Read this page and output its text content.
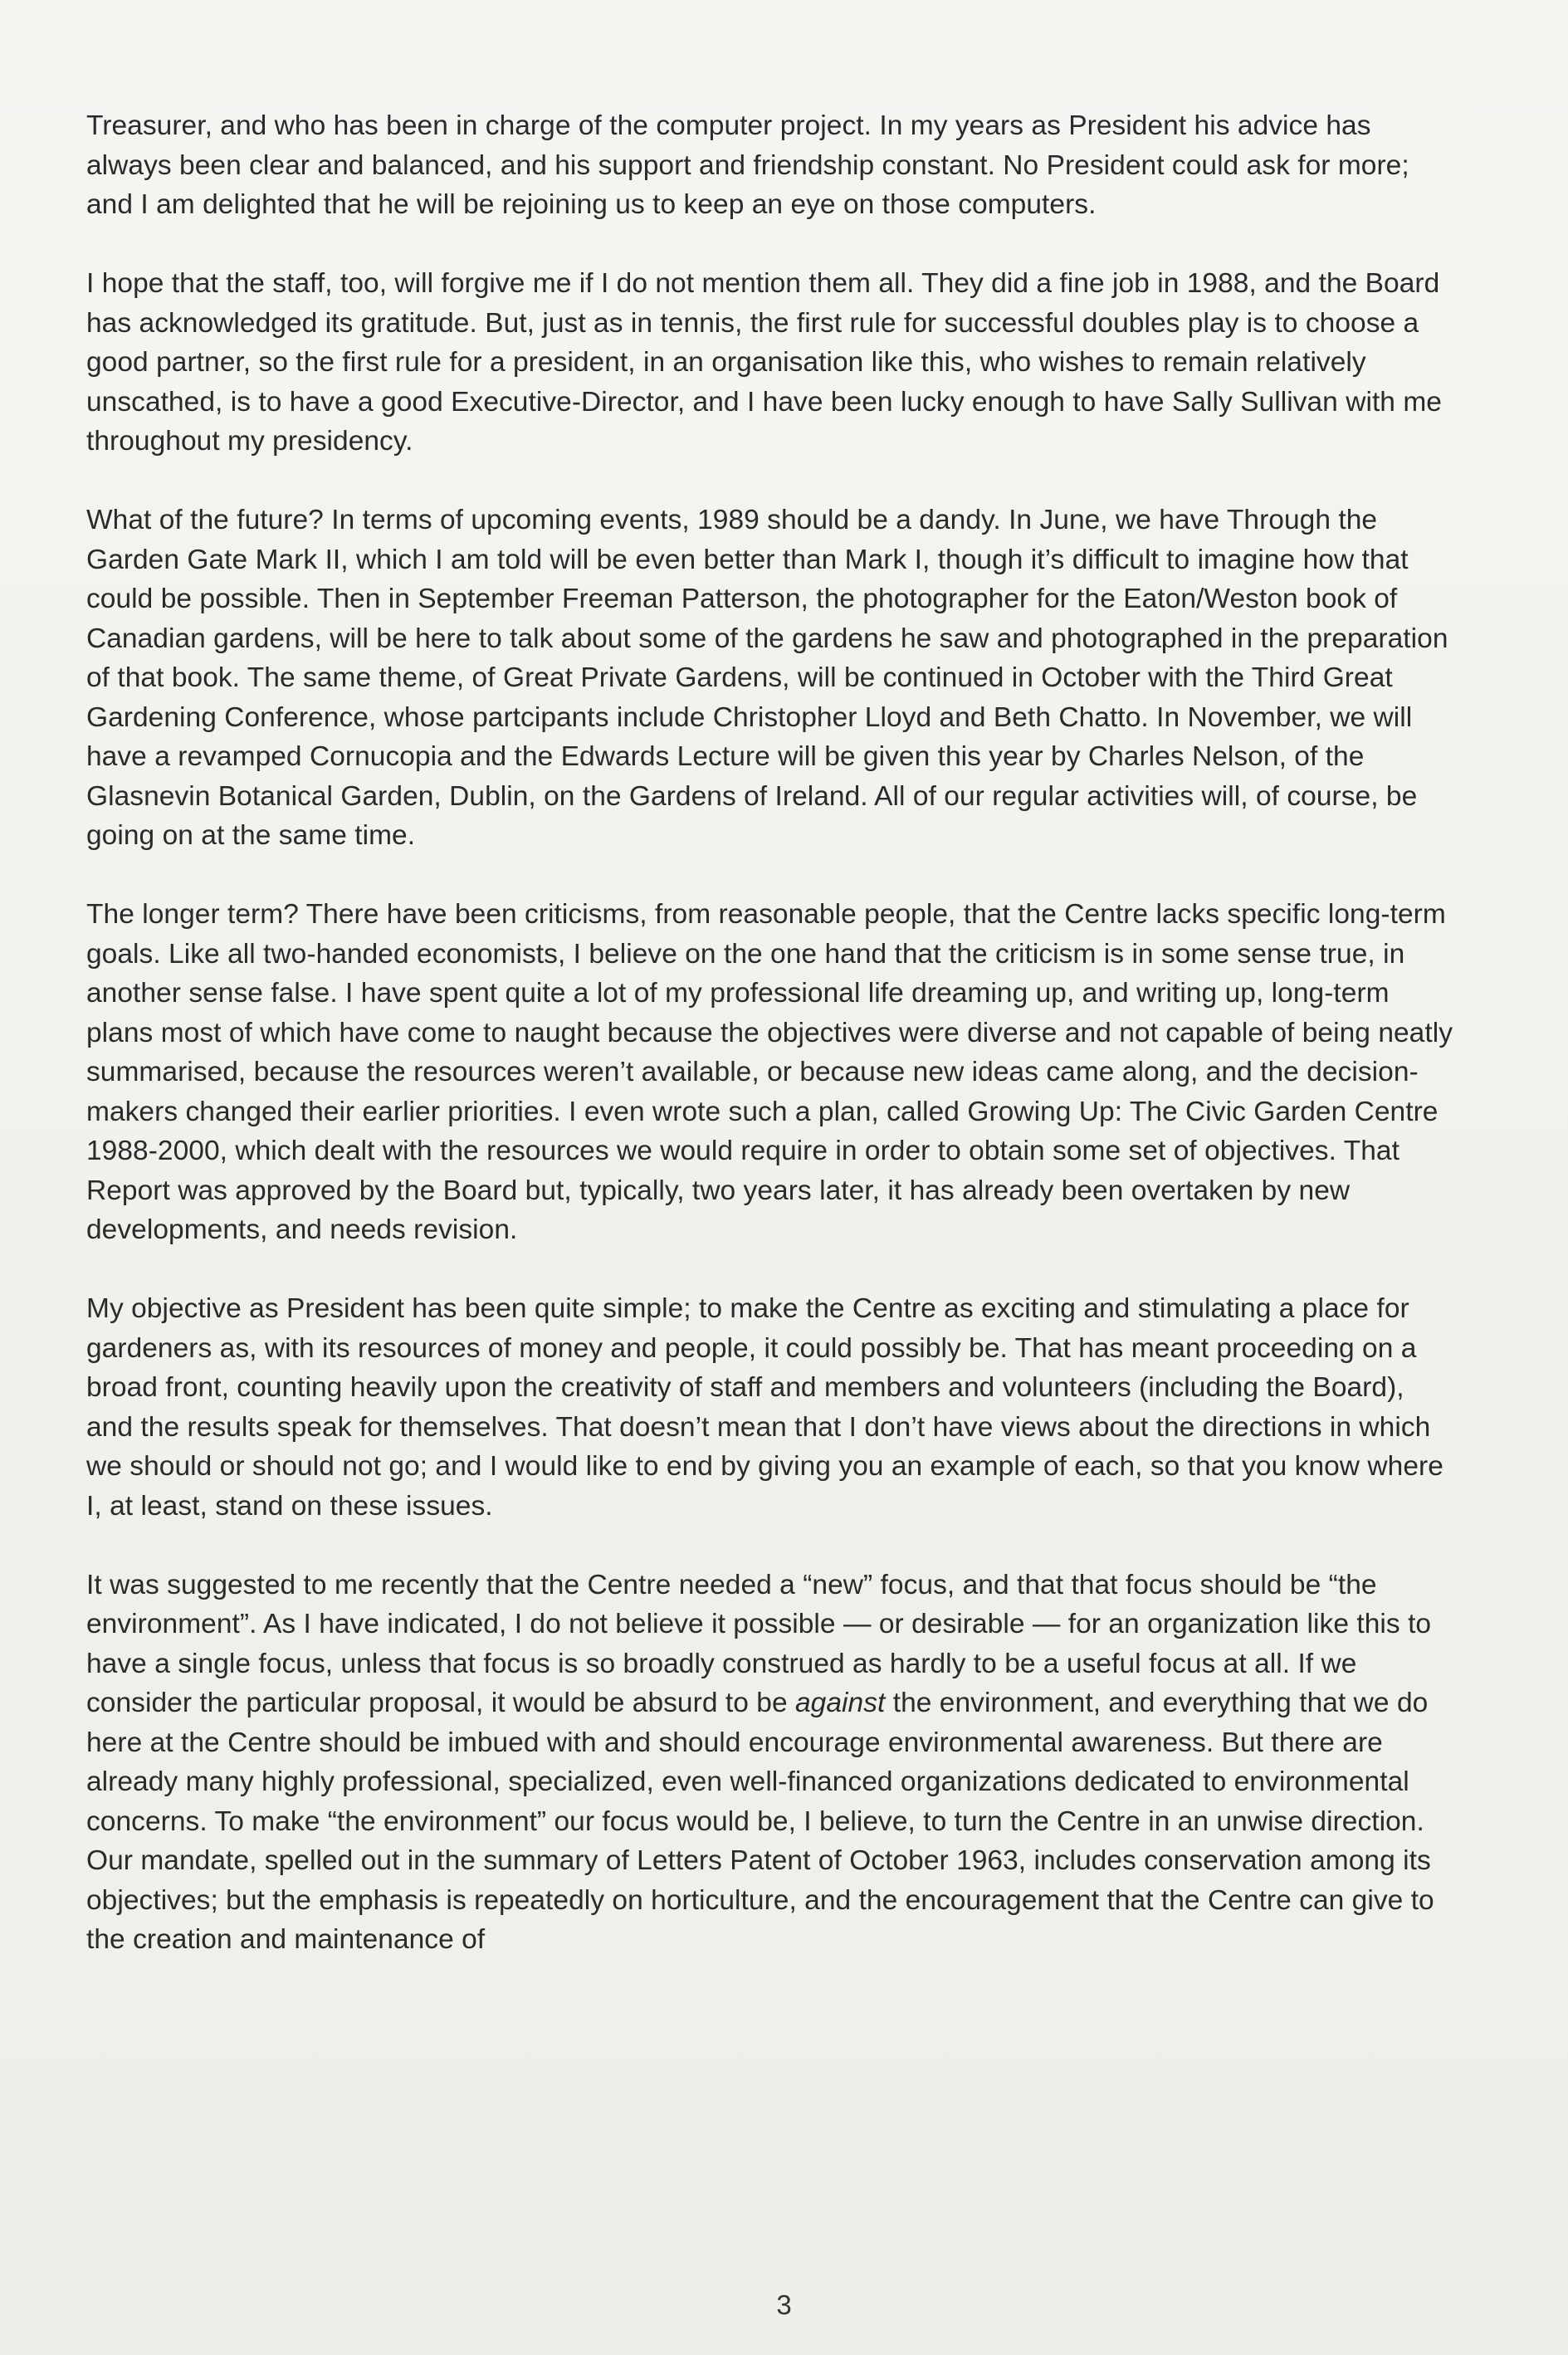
Treasurer, and who has been in charge of the computer project. In my years as President his advice has always been clear and balanced, and his support and friendship constant. No President could ask for more; and I am delighted that he will be rejoining us to keep an eye on those computers.

I hope that the staff, too, will forgive me if I do not mention them all. They did a fine job in 1988, and the Board has acknowledged its gratitude. But, just as in tennis, the first rule for successful doubles play is to choose a good partner, so the first rule for a president, in an organisation like this, who wishes to remain relatively unscathed, is to have a good Executive-Director, and I have been lucky enough to have Sally Sullivan with me throughout my presidency.

What of the future? In terms of upcoming events, 1989 should be a dandy. In June, we have Through the Garden Gate Mark II, which I am told will be even better than Mark I, though it’s difficult to imagine how that could be possible. Then in September Freeman Patterson, the photographer for the Eaton/Weston book of Canadian gardens, will be here to talk about some of the gardens he saw and photographed in the preparation of that book. The same theme, of Great Private Gardens, will be continued in October with the Third Great Gardening Conference, whose partcipants include Christopher Lloyd and Beth Chatto. In November, we will have a revamped Cornucopia and the Edwards Lecture will be given this year by Charles Nelson, of the Glasnevin Botanical Garden, Dublin, on the Gardens of Ireland. All of our regular activities will, of course, be going on at the same time.

The longer term? There have been criticisms, from reasonable people, that the Centre lacks specific long-term goals. Like all two-handed economists, I believe on the one hand that the criticism is in some sense true, in another sense false. I have spent quite a lot of my professional life dreaming up, and writing up, long-term plans most of which have come to naught because the objectives were diverse and not capable of being neatly summarised, because the resources weren’t available, or because new ideas came along, and the decision-makers changed their earlier priorities. I even wrote such a plan, called Growing Up: The Civic Garden Centre 1988-2000, which dealt with the resources we would require in order to obtain some set of objectives. That Report was approved by the Board but, typically, two years later, it has already been overtaken by new developments, and needs revision.

My objective as President has been quite simple; to make the Centre as exciting and stimulating a place for gardeners as, with its resources of money and people, it could possibly be. That has meant proceeding on a broad front, counting heavily upon the creativity of staff and members and volunteers (including the Board), and the results speak for themselves. That doesn’t mean that I don’t have views about the directions in which we should or should not go; and I would like to end by giving you an example of each, so that you know where I, at least, stand on these issues.

It was suggested to me recently that the Centre needed a “new” focus, and that that focus should be “the environment”. As I have indicated, I do not believe it possible — or desirable — for an organization like this to have a single focus, unless that focus is so broadly construed as hardly to be a useful focus at all. If we consider the particular proposal, it would be absurd to be against the environment, and everything that we do here at the Centre should be imbued with and should encourage environmental awareness. But there are already many highly professional, specialized, even well-financed organizations dedicated to environmental concerns. To make “the environment” our focus would be, I believe, to turn the Centre in an unwise direction. Our mandate, spelled out in the summary of Letters Patent of October 1963, includes conservation among its objectives; but the emphasis is repeatedly on horticulture, and the encouragement that the Centre can give to the creation and maintenance of

3
